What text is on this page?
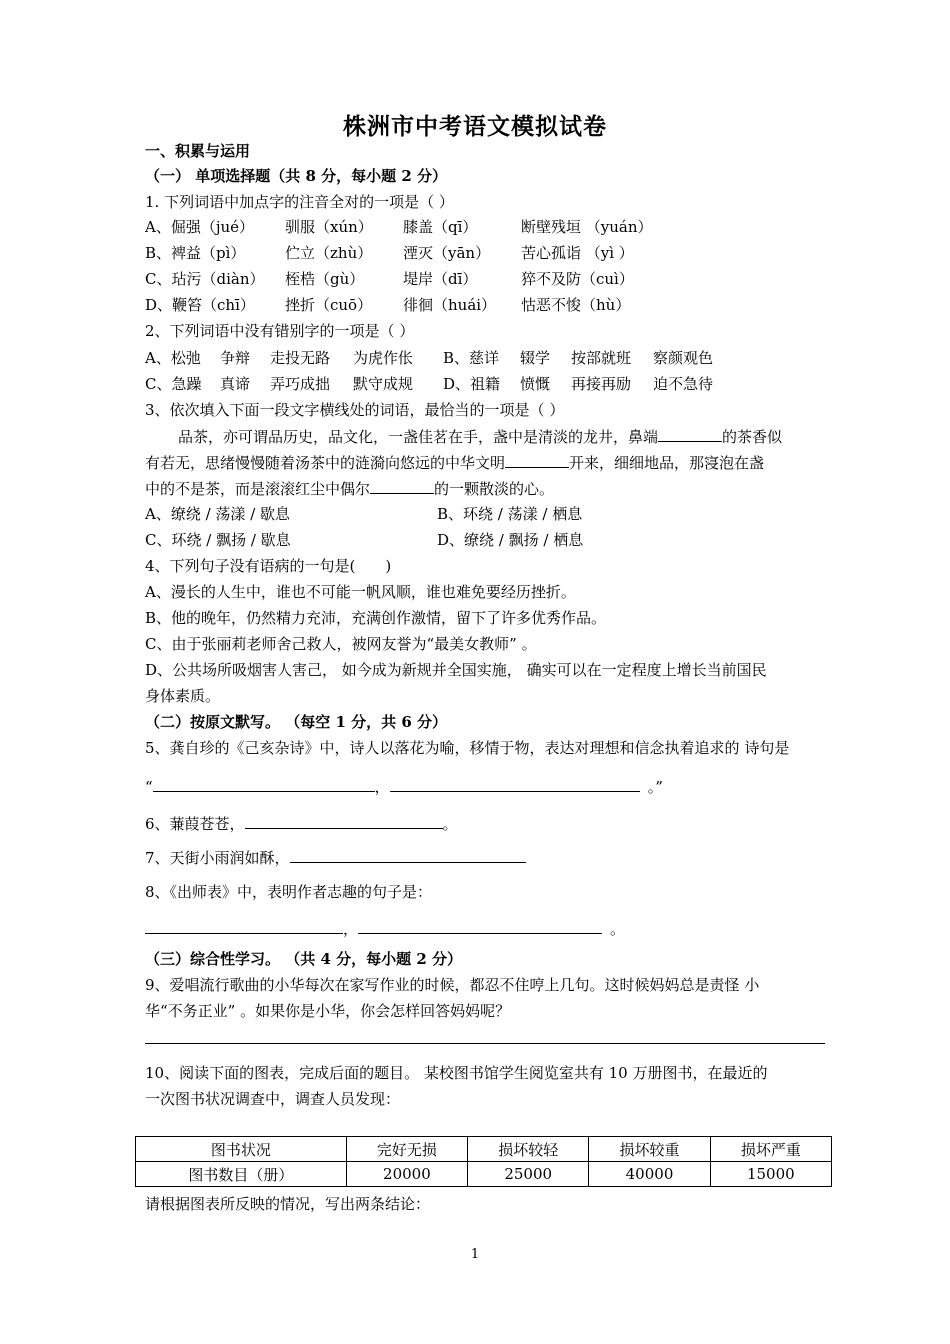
株洲市中考语文模拟试卷
一、积累与运用
（一） 单项选择题（共 8 分，每小题 2 分）
1. 下列词语中加点字的注音全对的一项是（ ）
A、倔强（jué） 驯服（xún） 膝盖（qī）	断壁残垣 （yuán）
B、裨益（pì）	伫立（zhù） 湮灭（yān） 苦心孤诣 （yì ）
C、玷污（diàn） 桎梏（gù）	堤岸（dī）	猝不及防（cuì）
D、鞭笞（chī） 挫折（cuō） 徘徊（huái） 怙恶不悛（hù）
2、下列词语中没有错别字的一项是（ ）
A、松弛 争辩 走投无路 为虎作伥 B、慈详 辍学 按部就班 察颜观色
C、急躁 真谛 弄巧成拙 默守成规 D、祖籍 愤慨 再接再励 迫不急待
3、依次填入下面一段文字横线处的词语，最恰当的一项是（ ）
品茶，亦可谓品历史，品文化，一盏佳茗在手，盏中是清淡的龙井，鼻端	的茶香似
有若无，思绪慢慢随着汤茶中的涟漪向悠远的中华文明	开来，细细地品，那寖泡在盏
中的不是茶，而是滚滚红尘中偶尔	的一颗散淡的心。
A、缭绕 / 荡漾 / 歇息	B、环绕 / 荡漾 / 栖息
C、环绕 / 飘扬 / 歇息	D、缭绕 / 飘扬 / 栖息
4、下列句子没有语病的一句是(　　)
A、漫长的人生中，谁也不可能一帆风顺，谁也难免要经历挫折。
B、他的晚年，仍然精力充沛，充满创作激情，留下了许多优秀作品。
C、由于张丽莉老师舍己救人，被网友誉为“最美女教师” 。
D、公共场所吸烟害人害己， 如今成为新规并全国实施， 确实可以在一定程度上增长当前国民
身体素质。
（二）按原文默写。 （每空 1 分，共 6 分）
5、龚自珍的《己亥杂诗》中，诗人以落花为喻，移情于物，表达对理想和信念执着追求的 诗句是
“	，	。”
6、蒹葭苍苍，	。
7、天街小雨润如酥，
8、《出师表》中，表明作者志趣的句子是：
，	。
（三）综合性学习。 （共 4 分，每小题 2 分）
9、爱唱流行歌曲的小华每次在家写作业的时候，都忍不住哼上几句。这时候妈妈总是责怪 小
华“不务正业” 。如果你是小华，你会怎样回答妈妈呢？
10、阅读下面的图表，完成后面的题目。 某校图书馆学生阅览室共有 10 万册图书，在最近的
一次图书状况调查中，调查人员发现：
图书状况	完好无损	损坏较轻	损坏较重	损坏严重
图书数目（册）	20000	25000	40000	15000
请根据图表所反映的情况，写出两条结论：
1
